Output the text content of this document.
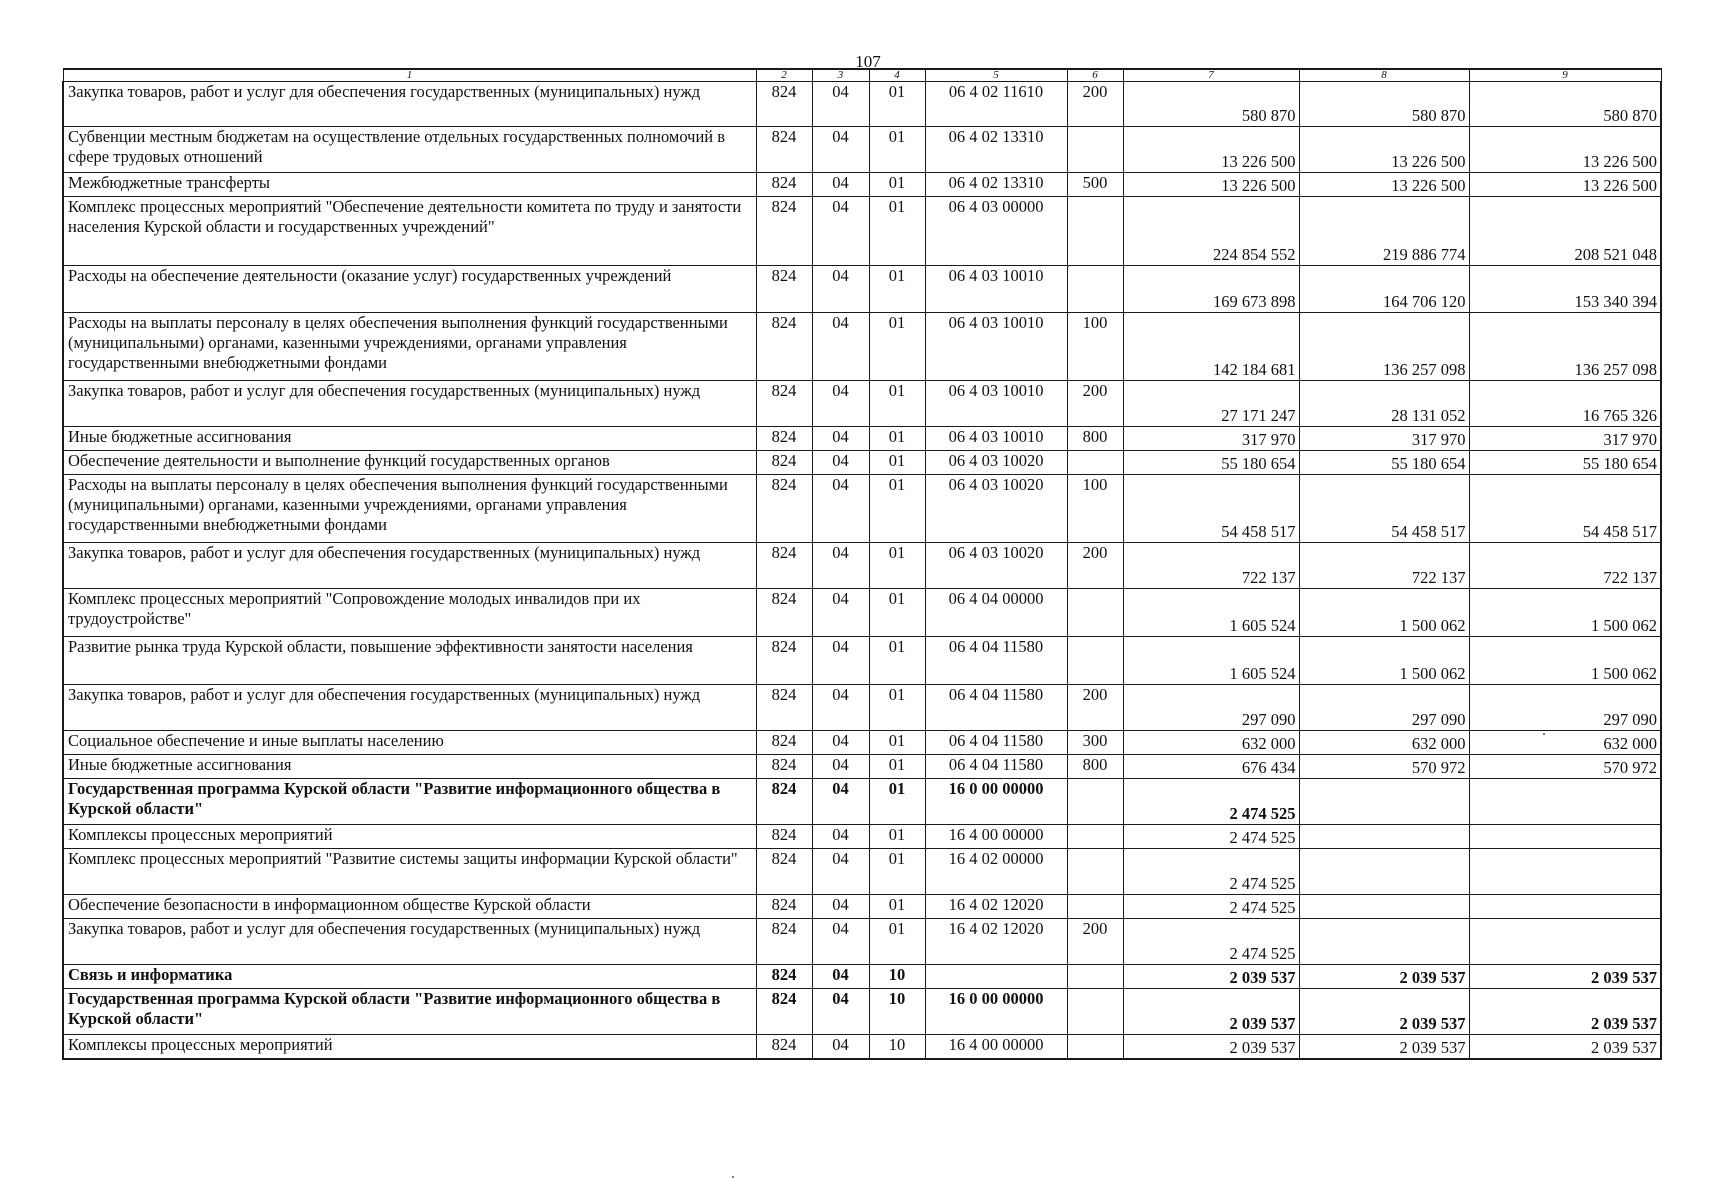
107
1	2	3	4	5	6	7	8	9
Закупка товаров, работ и услуг для обеспечения государственных (муниципальных) нужд	824	04	01	06 4 02 11610	200	580 870	580 870	580 870
Субвенции местным бюджетам на осуществление отдельных государственных полномочий в сфере трудовых отношений	824	04	01	06 4 02 13310		13 226 500	13 226 500	13 226 500
Межбюджетные трансферты	824	04	01	06 4 02 13310	500	13 226 500	13 226 500	13 226 500
Комплекс процессных мероприятий "Обеспечение деятельности комитета по труду и занятости населения Курской области и государственных учреждений"	824	04	01	06 4 03 00000		224 854 552	219 886 774	208 521 048
Расходы на обеспечение деятельности (оказание услуг) государственных учреждений	824	04	01	06 4 03 10010		169 673 898	164 706 120	153 340 394
Расходы на выплаты персоналу в целях обеспечения выполнения функций государственными (муниципальными) органами, казенными учреждениями, органами управления государственными внебюджетными фондами	824	04	01	06 4 03 10010	100	142 184 681	136 257 098	136 257 098
Закупка товаров, работ и услуг для обеспечения государственных (муниципальных) нужд	824	04	01	06 4 03 10010	200	27 171 247	28 131 052	16 765 326
Иные бюджетные ассигнования	824	04	01	06 4 03 10010	800	317 970	317 970	317 970
Обеспечение деятельности и выполнение функций государственных органов	824	04	01	06 4 03 10020		55 180 654	55 180 654	55 180 654
Расходы на выплаты персоналу в целях обеспечения выполнения функций государственными (муниципальными) органами, казенными учреждениями, органами управления государственными внебюджетными фондами	824	04	01	06 4 03 10020	100	54 458 517	54 458 517	54 458 517
Закупка товаров, работ и услуг для обеспечения государственных (муниципальных) нужд	824	04	01	06 4 03 10020	200	722 137	722 137	722 137
Комплекс процессных мероприятий "Сопровождение молодых инвалидов при их трудоустройстве"	824	04	01	06 4 04 00000		1 605 524	1 500 062	1 500 062
Развитие рынка труда Курской области, повышение эффективности занятости населения	824	04	01	06 4 04 11580		1 605 524	1 500 062	1 500 062
Закупка товаров, работ и услуг для обеспечения государственных (муниципальных) нужд	824	04	01	06 4 04 11580	200	297 090	297 090	297 090
Социальное обеспечение и иные выплаты населению	824	04	01	06 4 04 11580	300	632 000	632 000	632 000
Иные бюджетные ассигнования	824	04	01	06 4 04 11580	800	676 434	570 972	570 972
Государственная программа Курской области "Развитие информационного общества в Курской области"	824	04	01	16 0 00 00000		2 474 525		
Комплексы процессных мероприятий	824	04	01	16 4 00 00000		2 474 525		
Комплекс процессных мероприятий "Развитие системы защиты информации Курской области"	824	04	01	16 4 02 00000		2 474 525		
Обеспечение безопасности в информационном обществе Курской области	824	04	01	16 4 02 12020		2 474 525		
Закупка товаров, работ и услуг для обеспечения государственных (муниципальных) нужд	824	04	01	16 4 02 12020	200	2 474 525		
Связь и информатика	824	04	10			2 039 537	2 039 537	2 039 537
Государственная программа Курской области "Развитие информационного общества в Курской области"	824	04	10	16 0 00 00000		2 039 537	2 039 537	2 039 537
Комплексы процессных мероприятий	824	04	10	16 4 00 00000		2 039 537	2 039 537	2 039 537
